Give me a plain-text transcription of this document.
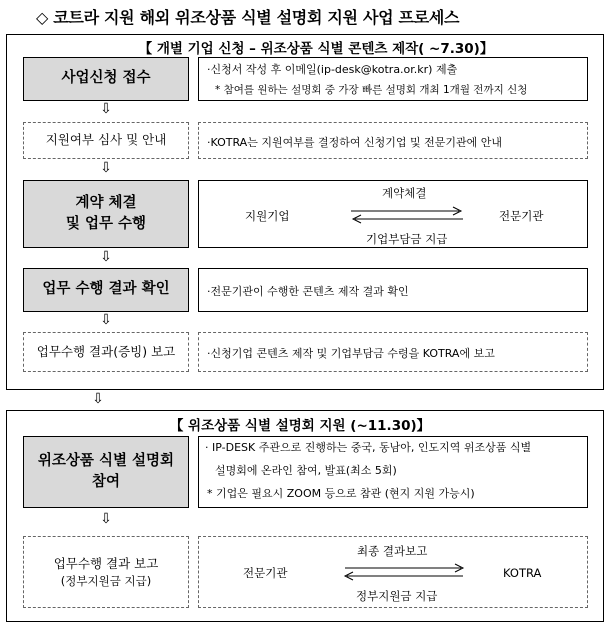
◇ 코트라 지원 해외 위조상품 식별 설명회 지원 사업 프로세스
【 개별 기업 신청 – 위조상품 식별 콘텐츠 제작( ~7.30)】
사업신청 접수
·신청서 작성 후 이메일(ip-desk@kotra.or.kr) 제출
* 참여를 원하는 설명회 중 가장 빠른 설명회 개최 1개월 전까지 신청
⇩
지원여부 심사 및 안내	·KOTRA는 지원여부를 결정하여 신청기업 및 전문기관에 안내
⇩
계약 체결
및 업무 수행
계약체결
지원기업	전문기관
기업부담금 지급
⇩
업무 수행 결과 확인	·전문기관이 수행한 콘텐츠 제작 결과 확인
⇩
업무수행 결과(증빙) 보고	·신청기업 콘텐츠 제작 및 기업부담금 수령을 KOTRA에 보고
⇩
【 위조상품 식별 설명회 지원 (~11.30)】
위조상품 식별 설명회
참여
· IP-DESK 주관으로 진행하는 중국, 동남아, 인도지역 위조상품 식별
설명회에 온라인 참여, 발표(최소 5회)
* 기업은 필요시 ZOOM 등으로 참관 (현지 지원 가능시)
⇩
업무수행 결과 보고
(정부지원금 지급)
최종 결과보고
전문기관	KOTRA
정부지원금 지급
